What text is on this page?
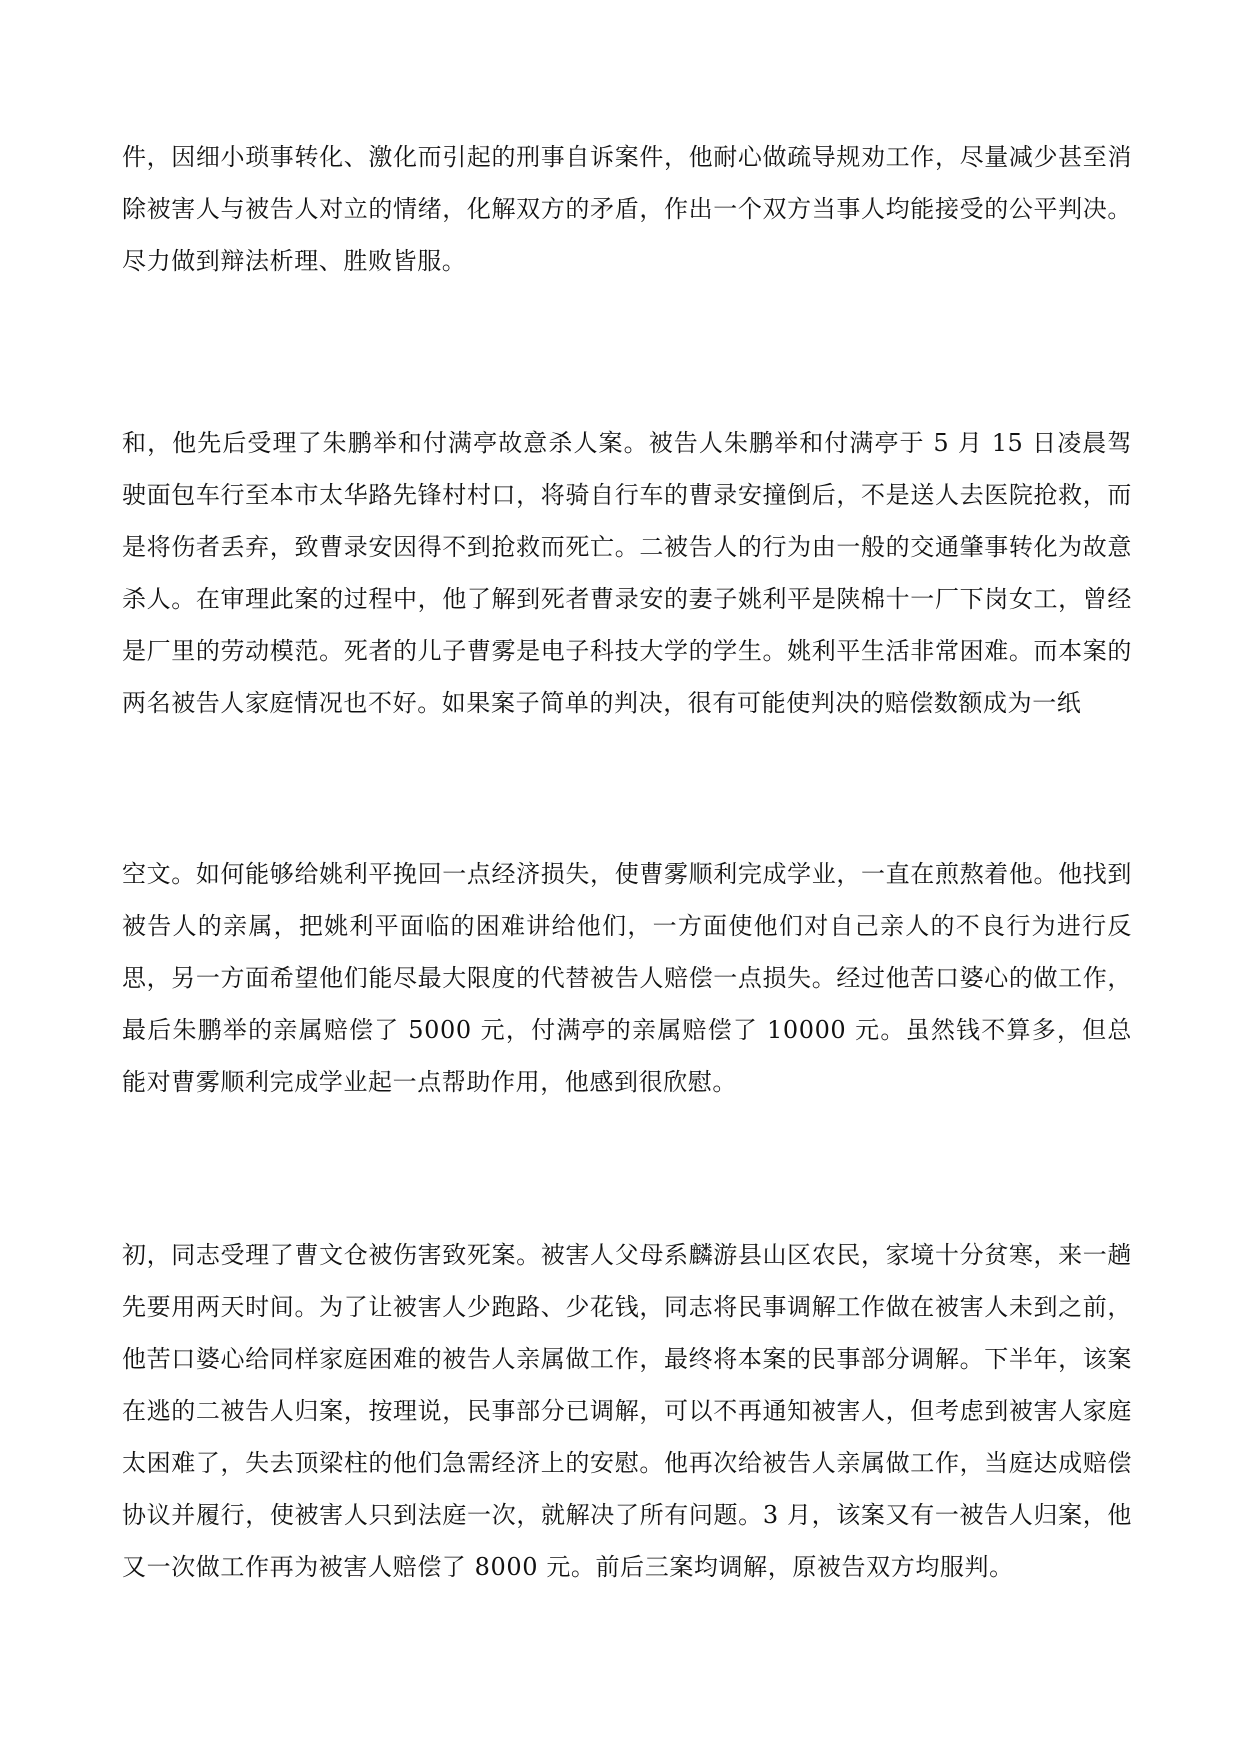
件，因细小琐事转化、激化而引起的刑事自诉案件，他耐心做疏导规劝工作，尽量减少甚至消除被害人与被告人对立的情绪，化解双方的矛盾，作出一个双方当事人均能接受的公平判决。尽力做到辩法析理、胜败皆服。

和，他先后受理了朱鹏举和付满亭故意杀人案。被告人朱鹏举和付满亭于 5 月 15 日凌晨驾驶面包车行至本市太华路先锋村村口，将骑自行车的曹录安撞倒后，不是送人去医院抢救，而是将伤者丢弃，致曹录安因得不到抢救而死亡。二被告人的行为由一般的交通肇事转化为故意杀人。在审理此案的过程中，他了解到死者曹录安的妻子姚利平是陕棉十一厂下岗女工，曾经是厂里的劳动模范。死者的儿子曹雾是电子科技大学的学生。姚利平生活非常困难。而本案的两名被告人家庭情况也不好。如果案子简单的判决，很有可能使判决的赔偿数额成为一纸

空文。如何能够给姚利平挽回一点经济损失，使曹雾顺利完成学业，一直在煎熬着他。他找到被告人的亲属，把姚利平面临的困难讲给他们，一方面使他们对自己亲人的不良行为进行反思，另一方面希望他们能尽最大限度的代替被告人赔偿一点损失。经过他苦口婆心的做工作，最后朱鹏举的亲属赔偿了 5000 元，付满亭的亲属赔偿了 10000 元。虽然钱不算多，但总能对曹雾顺利完成学业起一点帮助作用，他感到很欣慰。

初，同志受理了曹文仓被伤害致死案。被害人父母系麟游县山区农民，家境十分贫寒，来一趟先要用两天时间。为了让被害人少跑路、少花钱，同志将民事调解工作做在被害人未到之前，他苦口婆心给同样家庭困难的被告人亲属做工作，最终将本案的民事部分调解。下半年，该案在逃的二被告人归案，按理说，民事部分已调解，可以不再通知被害人，但考虑到被害人家庭太困难了，失去顶梁柱的他们急需经济上的安慰。他再次给被告人亲属做工作，当庭达成赔偿协议并履行，使被害人只到法庭一次，就解决了所有问题。3 月，该案又有一被告人归案，他又一次做工作再为被害人赔偿了 8000 元。前后三案均调解，原被告双方均服判。
